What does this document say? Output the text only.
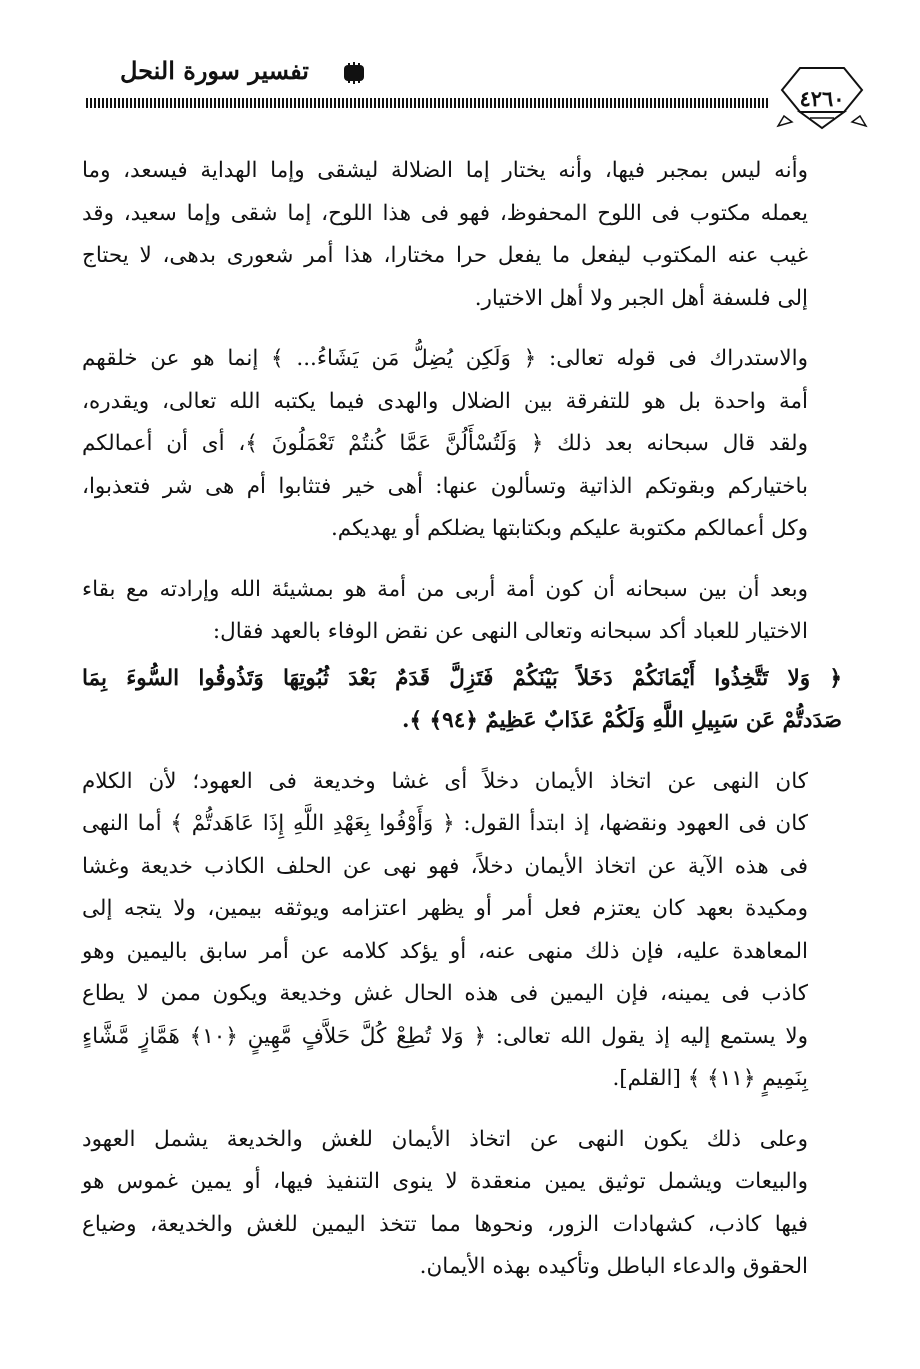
تفسير سورة النحل
٤٢٦٠
وأنه ليس بمجبر فيها، وأنه يختار إما الضلالة ليشقى وإما الهداية فيسعد، وما
يعمله مكتوب فى اللوح المحفوظ، فهو فى هذا اللوح، إما شقى وإما سعيد، وقد
غيب عنه المكتوب ليفعل ما يفعل حرا مختارا، هذا أمر شعورى بدهى، لا يحتاج
إلى فلسفة أهل الجبر ولا أهل الاختيار.
والاستدراك فى قوله تعالى: ﴿ وَلَكِن يُضِلُّ مَن يَشَاءُ... ﴾ إنما هو عن خلقهم
أمة واحدة بل هو للتفرقة بين الضلال والهدى فيما يكتبه الله تعالى، ويقدره،
ولقد قال سبحانه بعد ذلك ﴿ وَلَتُسْأَلُنَّ عَمَّا كُنتُمْ تَعْمَلُونَ ﴾، أى أن أعمالكم
باختياركم وبقوتكم الذاتية وتسألون عنها: أهى خير فتثابوا أم هى شر فتعذبوا،
وكل أعمالكم مكتوبة عليكم وبكتابتها يضلكم أو يهديكم.
وبعد أن بين سبحانه أن كون أمة أربى من أمة هو بمشيئة الله وإرادته مع بقاء
الاختيار للعباد أكد سبحانه وتعالى النهى عن نقض الوفاء بالعهد فقال:
﴿ وَلا تَتَّخِذُوا أَيْمَانَكُمْ دَخَلاً بَيْنَكُمْ فَتَزِلَّ قَدَمٌ بَعْدَ ثُبُوتِهَا وَتَذُوقُوا السُّوءَ بِمَا
صَدَدتُّمْ عَن سَبِيلِ اللَّهِ وَلَكُمْ عَذَابٌ عَظِيمٌ ﴿٩٤﴾ ﴾.
كان النهى عن اتخاذ الأيمان دخلاً أى غشا وخديعة فى العهود؛ لأن الكلام
كان فى العهود ونقضها، إذ ابتدأ القول: ﴿ وَأَوْفُوا بِعَهْدِ اللَّهِ إِذَا عَاهَدتُّمْ ﴾ أما النهى
فى هذه الآية عن اتخاذ الأيمان دخلاً، فهو نهى عن الحلف الكاذب خديعة وغشا
ومكيدة بعهد كان يعتزم فعل أمر أو يظهر اعتزامه ويوثقه بيمين، ولا يتجه إلى
المعاهدة عليه، فإن ذلك منهى عنه، أو يؤكد كلامه عن أمر سابق باليمين وهو
كاذب فى يمينه، فإن اليمين فى هذه الحال غش وخديعة ويكون ممن لا يطاع
ولا يستمع إليه إذ يقول الله تعالى: ﴿ وَلا تُطِعْ كُلَّ حَلاَّفٍ مَّهِينٍ ﴿١٠﴾ هَمَّازٍ مَّشَّاءٍ
بِنَمِيمٍ ﴿١١﴾ ﴾ [القلم].
وعلى ذلك يكون النهى عن اتخاذ الأيمان للغش والخديعة يشمل العهود
والبيعات ويشمل توثيق يمين منعقدة لا ينوى التنفيذ فيها، أو يمين غموس هو
فيها كاذب، كشهادات الزور، ونحوها مما تتخذ اليمين للغش والخديعة، وضياع
الحقوق والدعاء الباطل وتأكيده بهذه الأيمان.
